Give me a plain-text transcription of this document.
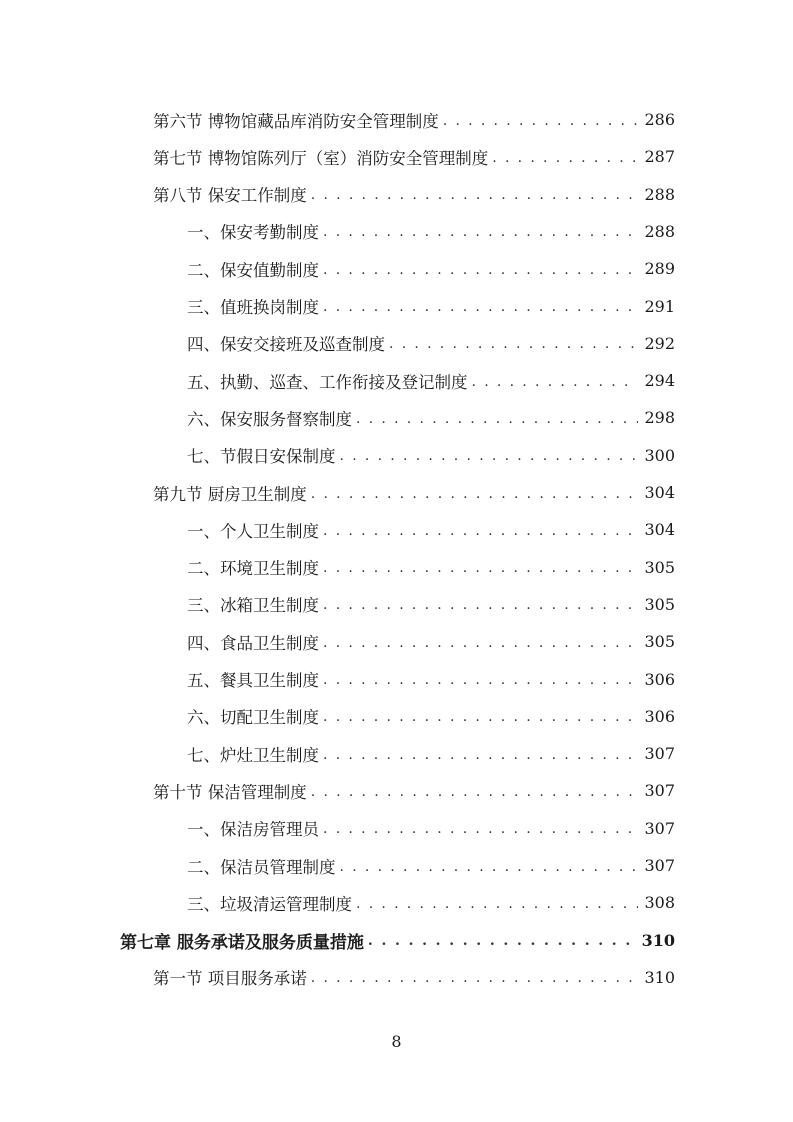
第六节 博物馆藏品库消防安全管理制度 . . .	286
第七节 博物馆陈列厅（室）消防安全管理制度 . . .	287
第八节 保安工作制度 . . .	288
一、保安考勤制度 . . .	288
二、保安值勤制度 . . .	289
三、值班换岗制度 . . .	291
四、保安交接班及巡查制度 . . .	292
五、执勤、巡查、工作衔接及登记制度 . . .	294
六、保安服务督察制度 . . .	298
七、节假日安保制度 . . .	300
第九节 厨房卫生制度 . . .	304
一、个人卫生制度 . . .	304
二、环境卫生制度 . . .	305
三、冰箱卫生制度 . . .	305
四、食品卫生制度 . . .	305
五、餐具卫生制度 . . .	306
六、切配卫生制度 . . .	306
七、炉灶卫生制度 . . .	307
第十节 保洁管理制度 . . .	307
一、保洁房管理员 . . .	307
二、保洁员管理制度 . . .	307
三、垃圾清运管理制度 . . .	308
第七章 服务承诺及服务质量措施 . . .	310
第一节 项目服务承诺 . . .	310
8
